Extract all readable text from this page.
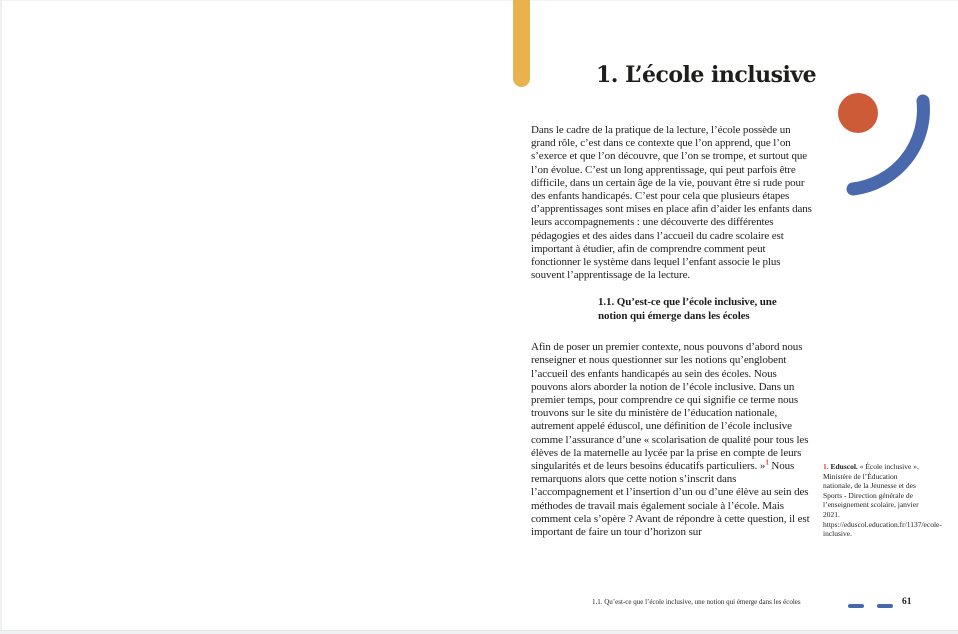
1. L’école inclusive

Dans le cadre de la pratique de la lecture, l’école possède un grand rôle, c’est dans ce contexte que l’on apprend, que l’on s’exerce et que l’on découvre, que l’on se trompe, et surtout que l’on évolue. C’est un long apprentissage, qui peut parfois être difficile, dans un certain âge de la vie, pouvant être si rude pour des enfants handicapés. C’est pour cela que plusieurs étapes d’apprentissages sont mises en place afin d’aider les enfants dans leurs accompagnements : une découverte des différentes pédagogies et des aides dans l’accueil du cadre scolaire est important à étudier, afin de comprendre comment peut fonctionner le système dans lequel l’enfant associe le plus souvent l’apprentissage de la lecture.

1.1. Qu’est-ce que l’école inclusive, une notion qui émerge dans les écoles

Afin de poser un premier contexte, nous pouvons d’abord nous renseigner et nous questionner sur les notions qu’englobent l’accueil des enfants handicapés au sein des écoles. Nous pouvons alors aborder la notion de l’école inclusive. Dans un premier temps, pour comprendre ce qui signifie ce terme nous trouvons sur le site du ministère de l’éducation nationale, autrement appelé éduscol, une définition de l’école inclusive comme l’assurance d’une « scolarisation de qualité pour tous les élèves de la maternelle au lycée par la prise en compte de leurs singularités et de leurs besoins éducatifs particuliers. »$^1$ Nous remarquons alors que cette notion s’inscrit dans l’accompagnement et l’insertion d’un ou d’une élève au sein des méthodes de travail mais également sociale à l’école. Mais comment cela s’opère ? Avant de répondre à cette question, il est important de faire un tour d’horizon sur

1. Eduscol. « École inclusive ». Ministère de l’Éducation nationale, de la Jeunesse et des Sports - Direction générale de l’enseignement scolaire, janvier 2021. https://eduscol.education.fr/1137/ecole-inclusive.
1.1. Qu’est-ce que l’école inclusive, une notion qui émerge dans les écoles	61
